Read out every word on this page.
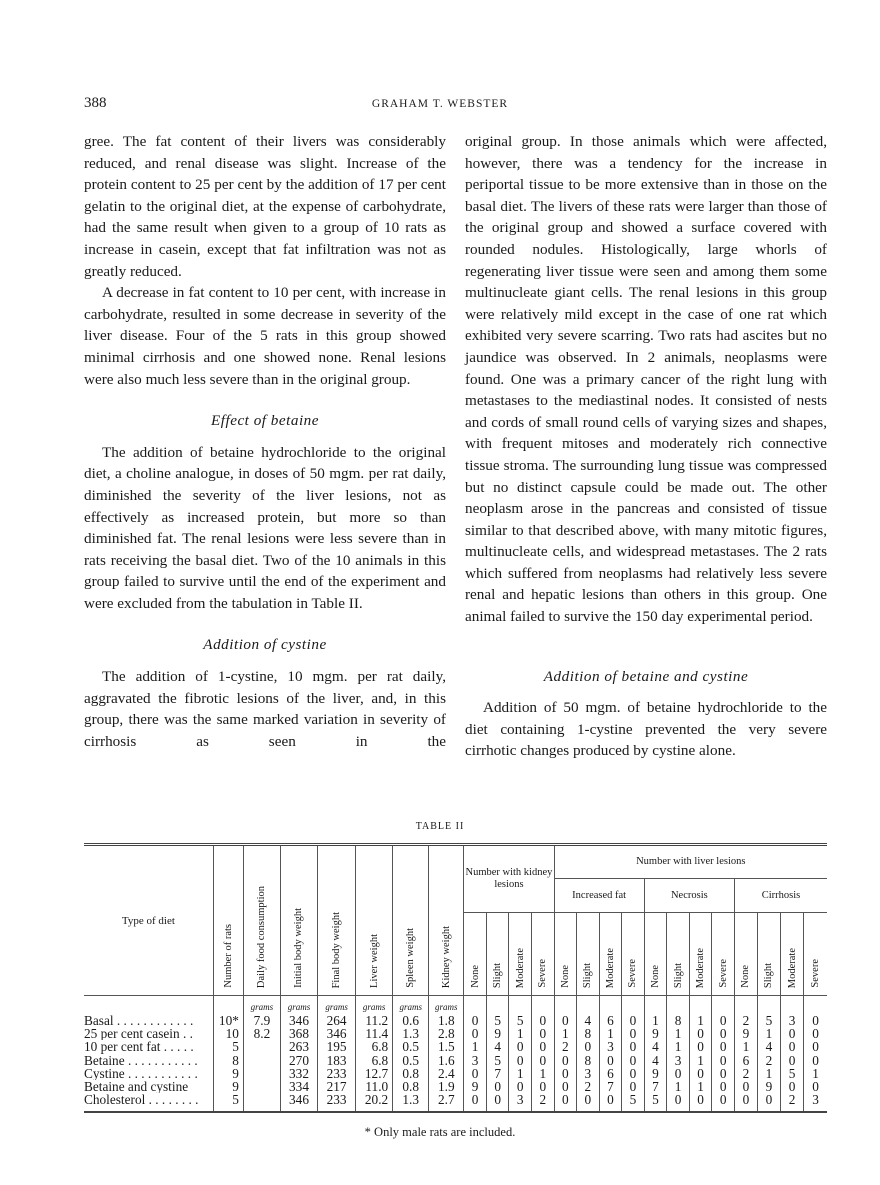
388	GRAHAM T. WEBSTER

gree. The fat content of their livers was considerably reduced, and renal disease was slight. Increase of the protein content to 25 per cent by the addition of 17 per cent gelatin to the original diet, at the expense of carbohydrate, had the same result when given to a group of 10 rats as increase in casein, except that fat infiltration was not as greatly reduced.

A decrease in fat content to 10 per cent, with increase in carbohydrate, resulted in some decrease in severity of the liver disease. Four of the 5 rats in this group showed minimal cirrhosis and one showed none. Renal lesions were also much less severe than in the original group.

Effect of betaine

The addition of betaine hydrochloride to the original diet, a choline analogue, in doses of 50 mgm. per rat daily, diminished the severity of the liver lesions, not as effectively as increased protein, but more so than diminished fat. The renal lesions were less severe than in rats receiving the basal diet. Two of the 10 animals in this group failed to survive until the end of the experiment and were excluded from the tabulation in Table II.

Addition of cystine

The addition of 1-cystine, 10 mgm. per rat daily, aggravated the fibrotic lesions of the liver, and, in this group, there was the same marked variation in severity of cirrhosis as seen in the

original group. In those animals which were affected, however, there was a tendency for the increase in periportal tissue to be more extensive than in those on the basal diet. The livers of these rats were larger than those of the original group and showed a surface covered with rounded nodules. Histologically, large whorls of regenerating liver tissue were seen and among them some multinucleate giant cells. The renal lesions in this group were relatively mild except in the case of one rat which exhibited very severe scarring. Two rats had ascites but no jaundice was observed. In 2 animals, neoplasms were found. One was a primary cancer of the right lung with metastases to the mediastinal nodes. It consisted of nests and cords of small round cells of varying sizes and shapes, with frequent mitoses and moderately rich connective tissue stroma. The surrounding lung tissue was compressed but no distinct capsule could be made out. The other neoplasm arose in the pancreas and consisted of tissue similar to that described above, with many mitotic figures, multinucleate cells, and widespread metastases. The 2 rats which suffered from neoplasms had relatively less severe renal and hepatic lesions than others in this group. One animal failed to survive the 150 day experimental period.

Addition of betaine and cystine

Addition of 50 mgm. of betaine hydrochloride to the diet containing 1-cystine prevented the very severe cirrhotic changes produced by cystine alone.

TABLE II
Type of diet	Number of rats	Daily food consumption	Initial body weight	Final body weight	Liver weight	Spleen weight	Kidney weight	Number with kidney lesions				Number with liver lesions											
												Increased fat				Necrosis				Cirrhosis			
								None	Slight	Moderate	Severe	None	Slight	Moderate	Severe	None	Slight	Moderate	Severe	None	Slight	Moderate	Severe
		grams	grams	grams	grams	grams	grams																
Basal . . . . . . . . . . . .	10*	7.9	346	264	11.2	0.6	1.8	0	5	5	0	0	4	6	0	1	8	1	0	2	5	3	0
25 per cent casein . .	10	8.2	368	346	11.4	1.3	2.8	0	9	1	0	1	8	1	0	9	1	0	0	9	1	0	0
10 per cent fat . . . . .	5		263	195	6.8	0.5	1.5	1	4	0	0	2	0	3	0	4	1	0	0	1	4	0	0
Betaine . . . . . . . . . . .	8		270	183	6.8	0.5	1.6	3	5	0	0	0	8	0	0	4	3	1	0	6	2	0	0
Cystine . . . . . . . . . . .	9		332	233	12.7	0.8	2.4	0	7	1	1	0	3	6	0	9	0	0	0	2	1	5	1
Betaine and cystine	9		334	217	11.0	0.8	1.9	9	0	0	0	0	2	7	0	7	1	1	0	0	9	0	0
Cholesterol . . . . . . . .	5		346	233	20.2	1.3	2.7	0	0	3	2	0	0	0	5	5	0	0	0	0	0	2	3

* Only male rats are included.
